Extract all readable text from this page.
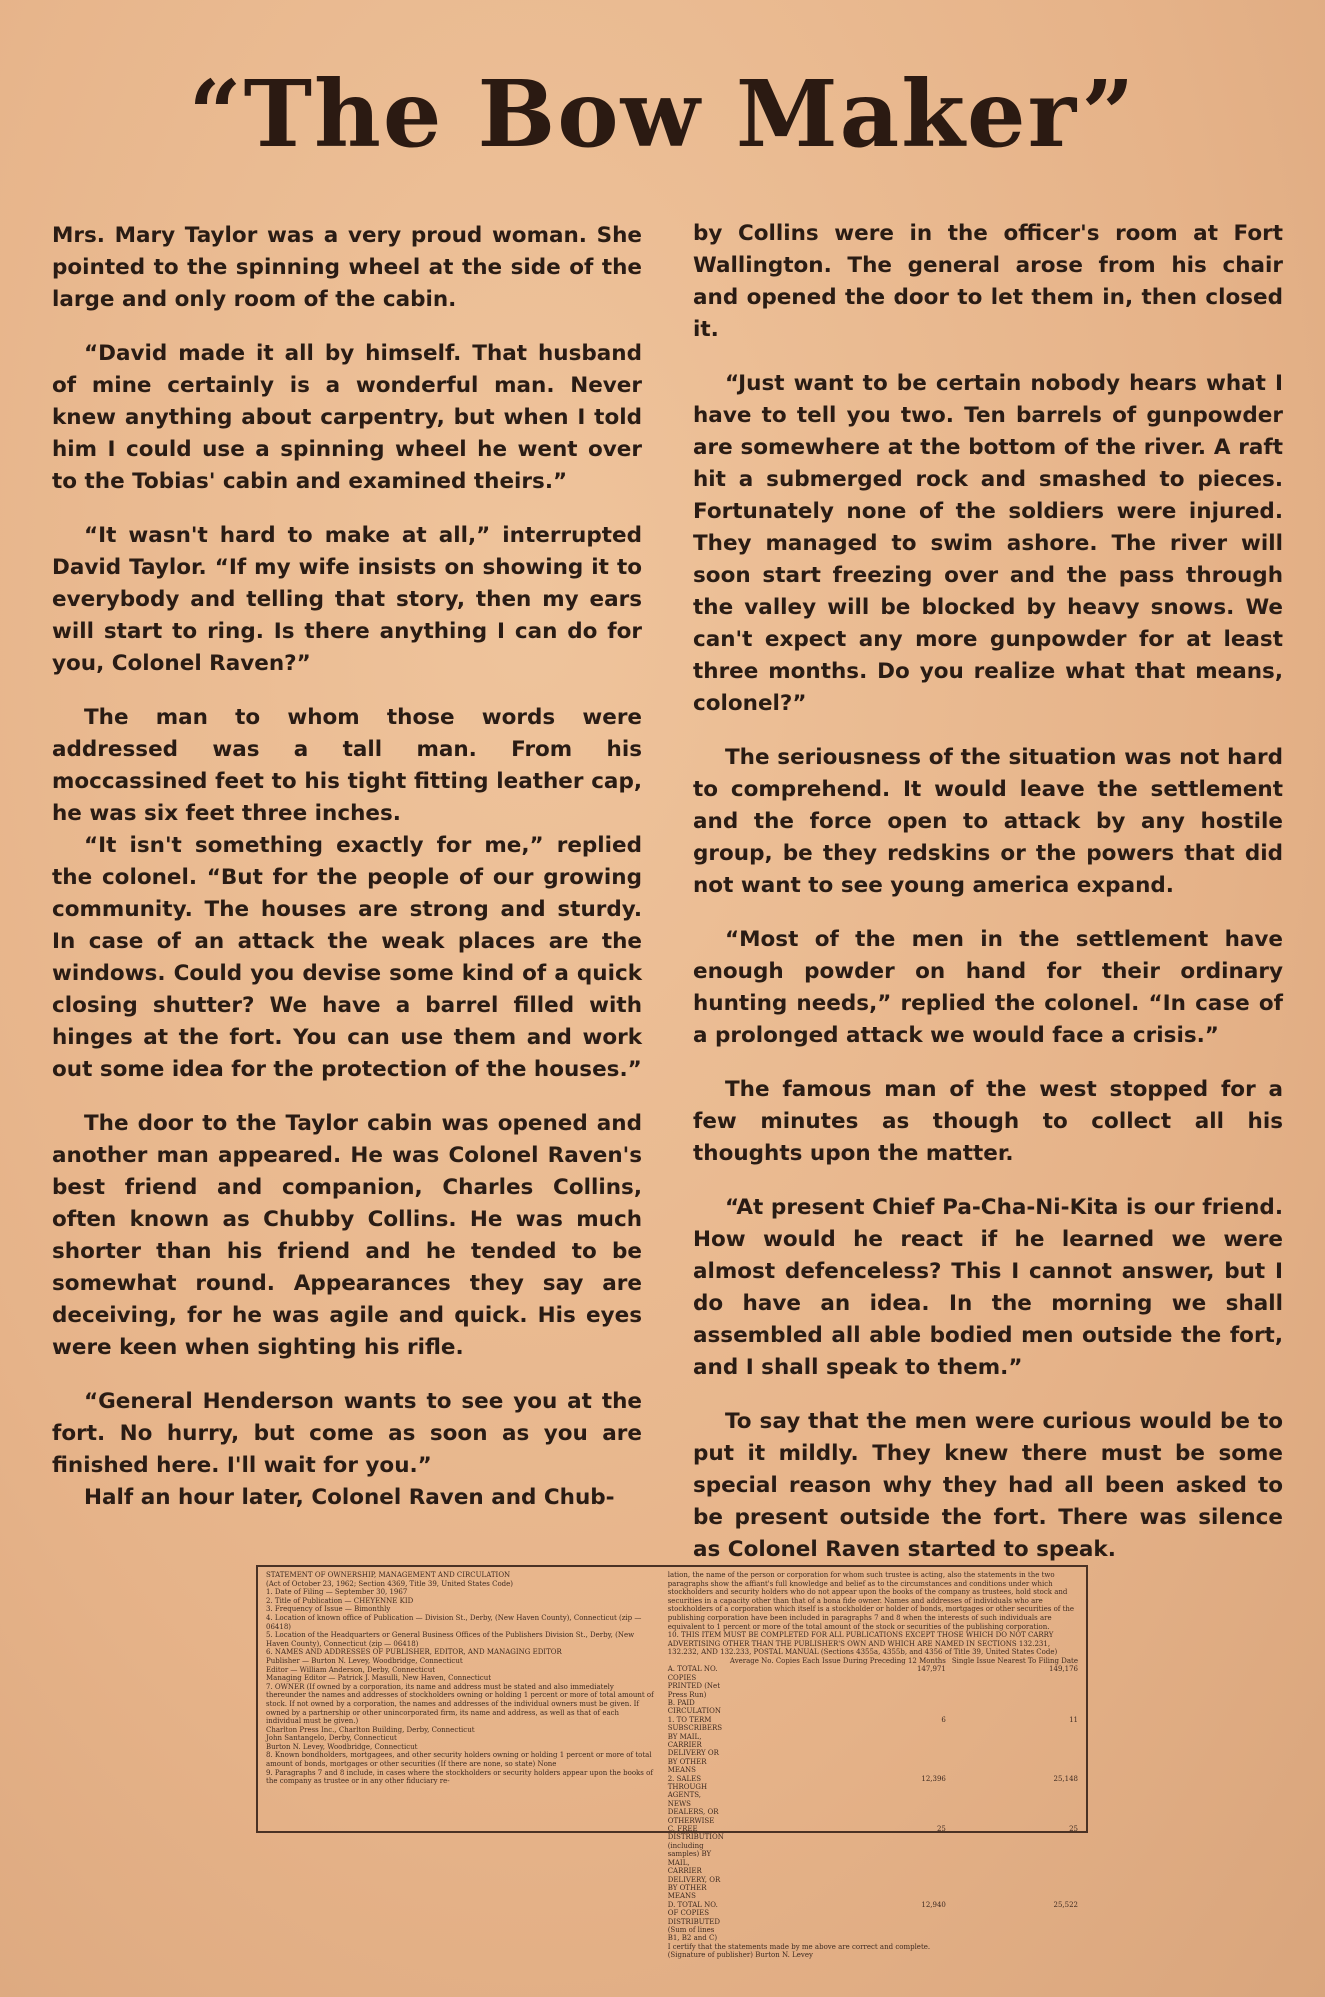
“The Bow Maker”

Mrs. Mary Taylor was a very proud woman. She pointed to the spinning wheel at the side of the large and only room of the cabin.

“David made it all by himself. That husband of mine certainly is a wonderful man. Never knew anything about carpentry, but when I told him I could use a spinning wheel he went over to the Tobias' cabin and examined theirs.”

“It wasn't hard to make at all,” interrupted David Taylor. “If my wife insists on showing it to everybody and telling that story, then my ears will start to ring. Is there anything I can do for you, Colonel Raven?”

The man to whom those words were addressed was a tall man. From his moccassined feet to his tight fitting leather cap, he was six feet three inches.

“It isn't something exactly for me,” replied the colonel. “But for the people of our growing community. The houses are strong and sturdy. In case of an attack the weak places are the windows. Could you devise some kind of a quick closing shutter? We have a barrel filled with hinges at the fort. You can use them and work out some idea for the protection of the houses.”

The door to the Taylor cabin was opened and another man appeared. He was Colonel Raven's best friend and companion, Charles Collins, often known as Chubby Collins. He was much shorter than his friend and he tended to be somewhat round. Appearances they say are deceiving, for he was agile and quick. His eyes were keen when sighting his rifle.

“General Henderson wants to see you at the fort. No hurry, but come as soon as you are finished here. I'll wait for you.”

Half an hour later, Colonel Raven and Chub-

by Collins were in the officer's room at Fort Wallington. The general arose from his chair and opened the door to let them in, then closed it.

“Just want to be certain nobody hears what I have to tell you two. Ten barrels of gunpowder are somewhere at the bottom of the river. A raft hit a submerged rock and smashed to pieces. Fortunately none of the soldiers were injured. They managed to swim ashore. The river will soon start freezing over and the pass through the valley will be blocked by heavy snows. We can't expect any more gunpowder for at least three months. Do you realize what that means, colonel?”

The seriousness of the situation was not hard to comprehend. It would leave the settlement and the force open to attack by any hostile group, be they redskins or the powers that did not want to see young america expand.

“Most of the men in the settlement have enough powder on hand for their ordinary hunting needs,” replied the colonel. “In case of a prolonged attack we would face a crisis.”

The famous man of the west stopped for a few minutes as though to collect all his thoughts upon the matter.

“At present Chief Pa-Cha-Ni-Kita is our friend. How would he react if he learned we were almost defenceless? This I cannot answer, but I do have an idea. In the morning we shall assembled all able bodied men outside the fort, and I shall speak to them.”

To say that the men were curious would be to put it mildly. They knew there must be some special reason why they had all been asked to be present outside the fort. There was silence as Colonel Raven started to speak.

STATEMENT OF OWNERSHIP, MANAGEMENT AND CIRCULATION
(Act of October 23, 1962; Section 4369, Title 39, United States Code)
1. Date of Filing — September 30, 1967
2. Title of Publication — CHEYENNE KID
3. Frequency of Issue — Bimonthly
4. Location of known office of Publication — Division St., Derby, (New Haven County), Connecticut (zip — 06418)
5. Location of the Headquarters or General Business Offices of the Publishers Division St., Derby, (New Haven County), Connecticut (zip — 06418)
6. NAMES AND ADDRESSES OF PUBLISHER, EDITOR, AND MANAGING EDITOR
Publisher — Burton N. Levey, Woodbridge, Connecticut
Editor — William Anderson, Derby, Connecticut
Managing Editor — Patrick J. Masulli, New Haven, Connecticut
7. OWNER (If owned by a corporation, its name and address must be stated and also immediately thereunder the names and addresses of stockholders owning or holding 1 percent or more of total amount of stock. If not owned by a corporation, the names and addresses of the individual owners must be given. If owned by a partnership or other unincorporated firm, its name and address, as well as that of each individual must be given.)
Charlton Press Inc., Charlton Building, Derby, Connecticut
John Santangelo, Derby, Connecticut
Burton N. Levey, Woodbridge, Connecticut
8. Known bondholders, mortgagees, and other security holders owning or holding 1 percent or more of total amount of bonds, mortgages or other securities (If there are none, so state) None
9. Paragraphs 7 and 8 include, in cases where the stockholders or security holders appear upon the books of the company as trustee or in any other fiduciary re-
lation, the name of the person or corporation for whom such trustee is acting, also the statements in the two paragraphs show the affiant's full knowledge and belief as to the circumstances and conditions under which stockholders and security holders who do not appear upon the books of the company as trustees, hold stock and securities in a capacity other than that of a bona fide owner. Names and addresses of individuals who are stockholders of a corporation which itself is a stockholder or holder of bonds, mortgages or other securities of the publishing corporation have been included in paragraphs 7 and 8 when the interests of such individuals are equivalent to 1 percent or more of the total amount of the stock or securities of the publishing corporation.
10. THIS ITEM MUST BE COMPLETED FOR ALL PUBLICATIONS EXCEPT THOSE WHICH DO NOT CARRY ADVERTISING OTHER THAN THE PUBLISHER'S OWN AND WHICH ARE NAMED IN SECTIONS 132.231, 132.232, AND 132.233, POSTAL MANUAL (Sections 4355a, 4355b, and 4356 of Title 39, United States Code)
	Average No. Copies Each Issue During Preceding 12 Months	Single Issue Nearest To Filing Date
A. TOTAL NO. COPIES PRINTED (Net Press Run)	147,971	149,176
B. PAID CIRCULATION		
1. TO TERM SUBSCRIBERS BY MAIL, CARRIER DELIVERY OR BY OTHER MEANS	6	11
2. SALES THROUGH AGENTS, NEWS DEALERS, OR OTHERWISE	12,396	25,148
C. FREE DISTRIBUTION (including samples) BY MAIL, CARRIER DELIVERY, OR BY OTHER MEANS	25	25
D. TOTAL NO. OF COPIES DISTRIBUTED (Sum of lines B1, B2 and C)	12,940	25,522
I certify that the statements made by me above are correct and complete.
(Signature of publisher) Burton N. Levey
